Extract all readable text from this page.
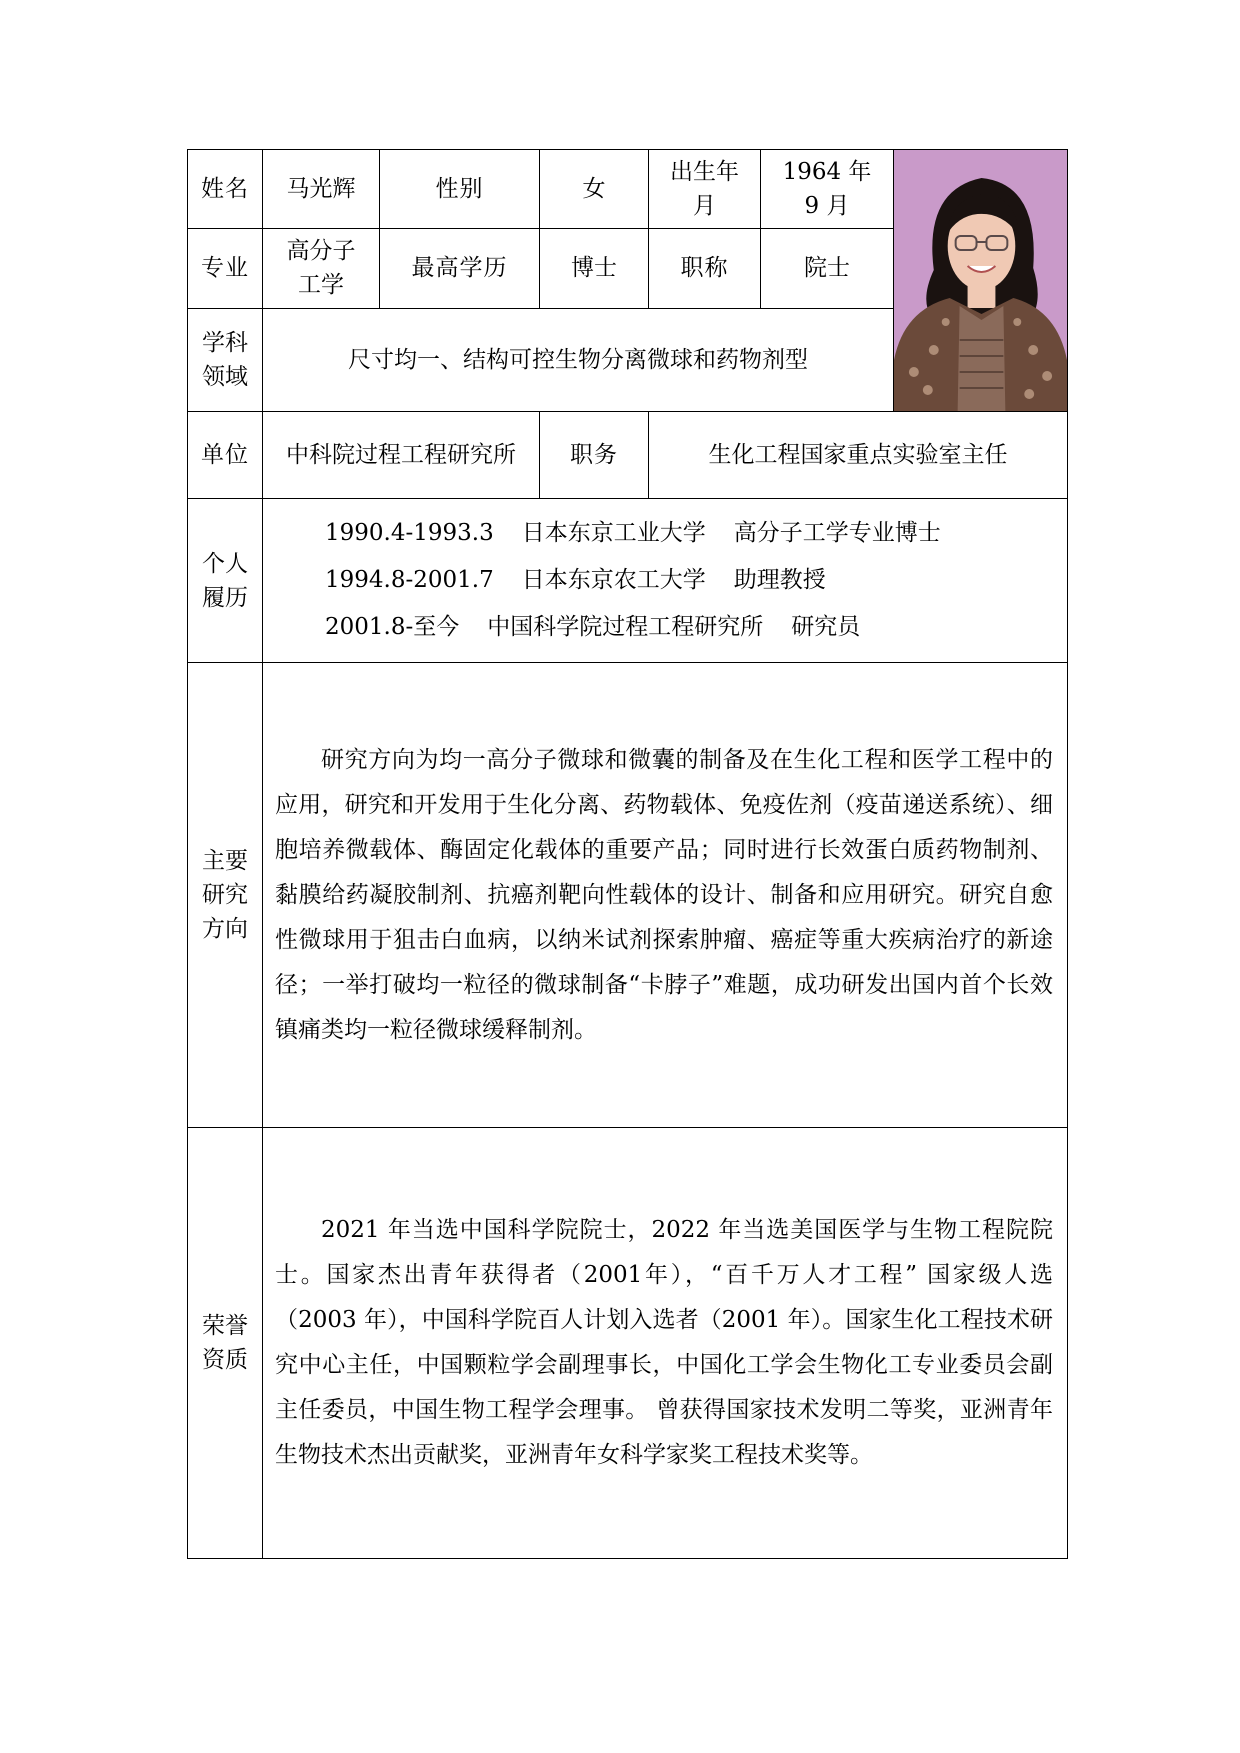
姓名	马光辉	性别	女	出生年月	1964 年 9 月	

专业	高分子工学	最高学历	博士	职称	院士	
学科领域	尺寸均一、结构可控生物分离微球和药物剂型					
单位	中科院过程工程研究所		职务	生化工程国家重点实验室主任		
个人履历	1990.4-1993.3 日本东京工业大学 高分子工学专业博士
1994.8-2001.7 日本东京农工大学 助理教授
2001.8-至今 中国科学院过程工程研究所 研究员					

主要研究方向	研究方向为均一高分子微球和微囊的制备及在生化工程和医学工程中的应用，研究和开发用于生化分离、药物载体、免疫佐剂（疫苗递送系统）、细胞培养微载体、酶固定化载体的重要产品；同时进行长效蛋白质药物制剂、黏膜给药凝胶制剂、抗癌剂靶向性载体的设计、制备和应用研究。研究自愈性微球用于狙击白血病，以纳米试剂探索肿瘤、癌症等重大疾病治疗的新途径；一举打破均一粒径的微球制备“卡脖子”难题，成功研发出国内首个长效镇痛类均一粒径微球缓释制剂。					

荣誉资质	2021 年当选中国科学院院士，2022 年当选美国医学与生物工程院院士。国家杰出青年获得者（2001年），“百千万人才工程” 国家级人选（2003 年），中国科学院百人计划入选者（2001 年）。国家生化工程技术研究中心主任，中国颗粒学会副理事长，中国化工学会生物化工专业委员会副主任委员，中国生物工程学会理事。 曾获得国家技术发明二等奖，亚洲青年生物技术杰出贡献奖，亚洲青年女科学家奖工程技术奖等。					
